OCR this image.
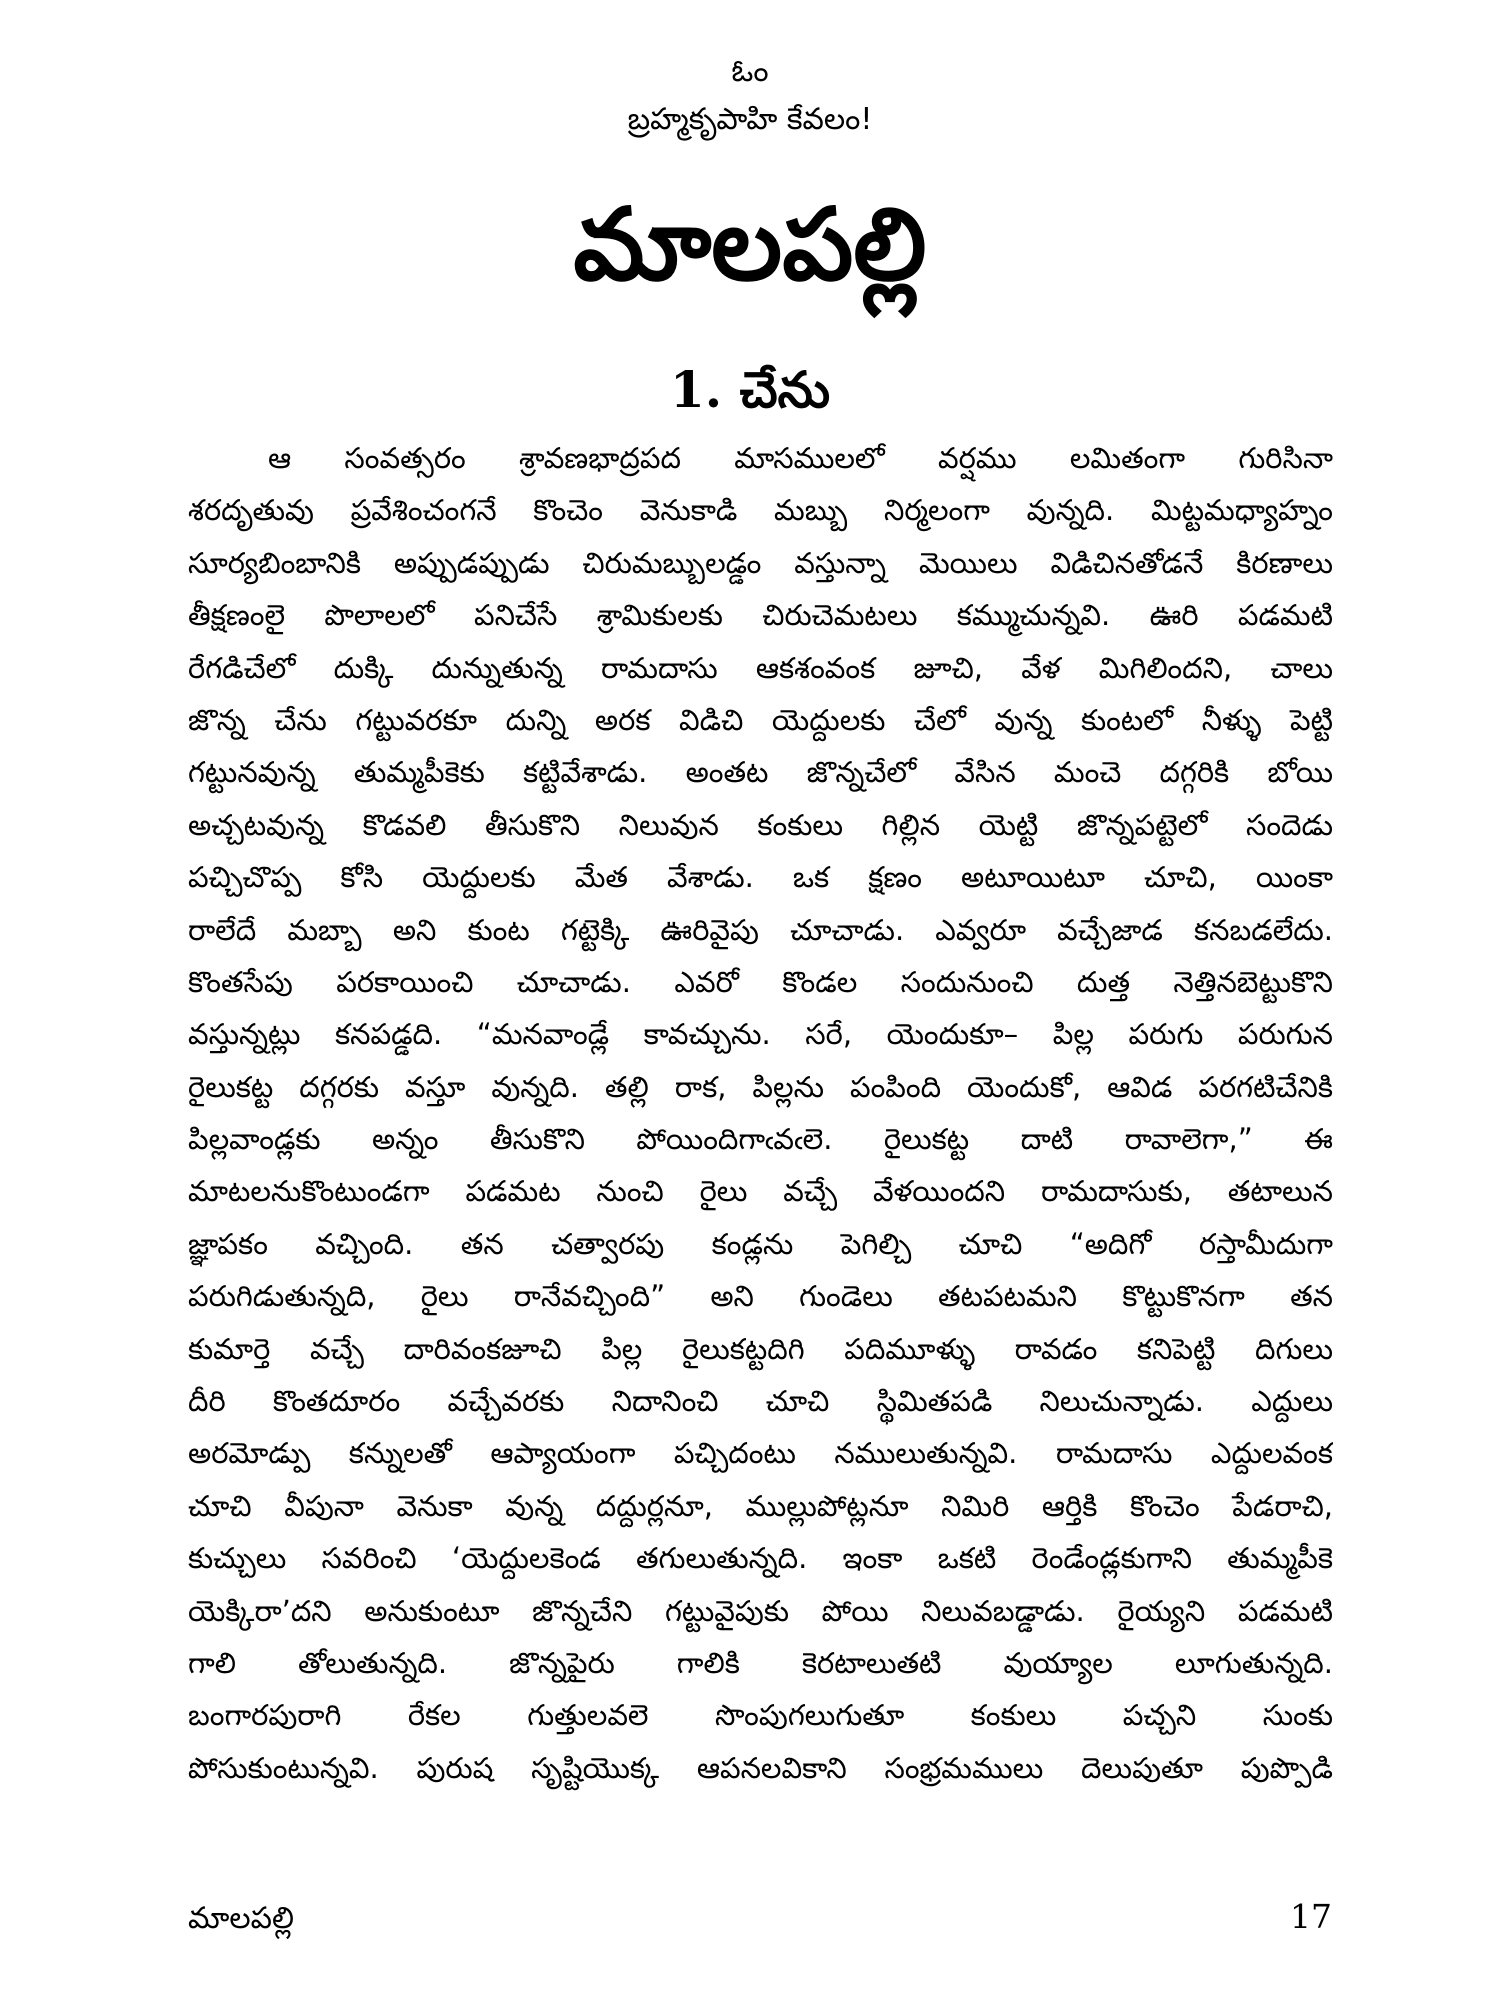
ఓం
బ్రహ్మకృపాహి కేవలం!
మాలపల్లి
1. చేను
ఆ సంవత్సరం శ్రావణభాద్రపద మాసములలో వర్షము లమితంగా గురిసినా
శరదృతువు ప్రవేశించంగనే కొంచెం వెనుకాడి మబ్బు నిర్మలంగా వున్నది. మిట్టమధ్యాహ్నం
సూర్యబింబానికి అప్పుడప్పుడు చిరుమబ్బులడ్డం వస్తున్నా మెయిలు విడిచినతోడనే కిరణాలు
తీక్షణంలై పొలాలలో పనిచేసే శ్రామికులకు చిరుచెమటలు కమ్ముచున్నవి. ఊరి పడమటి
రేగడిచేలో దుక్కి దున్నుతున్న రామదాసు ఆకశంవంక జూచి, వేళ మిగిలిందని, చాలు
జొన్న చేను గట్టువరకూ దున్ని అరక విడిచి యెద్దులకు చేలో వున్న కుంటలో నీళ్ళు పెట్టి
గట్టునవున్న తుమ్మపీకెకు కట్టివేశాడు. అంతట జొన్నచేలో వేసిన మంచె దగ్గరికి బోయి
అచ్చటవున్న కొడవలి తీసుకొని నిలువున కంకులు గిల్లిన యెట్టి జొన్నపట్టెలో సందెడు
పచ్చిచొప్ప కోసి యెద్దులకు మేత వేశాడు. ఒక క్షణం అటూయిటూ చూచి, యింకా
రాలేదే మబ్బా అని కుంట గట్టెక్కి ఊరివైపు చూచాడు. ఎవ్వరూ వచ్చేజాడ కనబడలేదు.
కొంతసేపు పరకాయించి చూచాడు. ఎవరో కొండల సందునుంచి దుత్త నెత్తినబెట్టుకొని
వస్తున్నట్లు కనపడ్డది. “మనవాండ్లే కావచ్చును. సరే, యెందుకూ– పిల్ల పరుగు పరుగున
రైలుకట్ట దగ్గరకు వస్తూ వున్నది. తల్లి రాక, పిల్లను పంపింది యెందుకో, ఆవిడ పరగటిచేనికి
పిల్లవాండ్లకు అన్నం తీసుకొని పోయిందిగాఁవఁలె. రైలుకట్ట దాటి రావాలెగా,” ఈ
మాటలనుకొంటుండగా పడమట నుంచి రైలు వచ్చే వేళయిందని రామదాసుకు, తటాలున
జ్ఞాపకం వచ్చింది. తన చత్వారపు కండ్లను పెగిల్చి చూచి “అదిగో రస్తామీదుగా
పరుగిడుతున్నది, రైలు రానేవచ్చింది” అని గుండెలు తటపటమని కొట్టుకొనగా తన
కుమార్తె వచ్చే దారివంకజూచి పిల్ల రైలుకట్టదిగి పదిమూళ్ళు రావడం కనిపెట్టి దిగులు
దీరి కొంతదూరం వచ్చేవరకు నిదానించి చూచి స్థిమితపడి నిలుచున్నాడు. ఎద్దులు
అరమోడ్పు కన్నులతో ఆప్యాయంగా పచ్చిదంటు నములుతున్నవి. రామదాసు ఎద్దులవంక
చూచి వీపునా వెనుకా వున్న దద్దుర్లనూ, ముల్లుపోట్లనూ నిమిరి ఆర్తికి కొంచెం పేడరాచి,
కుచ్చులు సవరించి ‘యెద్దులకెండ తగులుతున్నది. ఇంకా ఒకటి రెండేండ్లకుగాని తుమ్మపీకె
యెక్కిరా’దని అనుకుంటూ జొన్నచేని గట్టువైపుకు పోయి నిలువబడ్డాడు. రైయ్యని పడమటి
గాలి తోలుతున్నది. జొన్నపైరు గాలికి కెరటాలుతటి వుయ్యాల లూగుతున్నది.
బంగారపురాగి రేకల గుత్తులవలె సొంపుగలుగుతూ కంకులు పచ్చని సుంకు
పోసుకుంటున్నవి. పురుష సృష్టియొక్క ఆపనలవికాని సంభ్రమములు దెలుపుతూ పుప్పొడి
మాలపల్లి	17
